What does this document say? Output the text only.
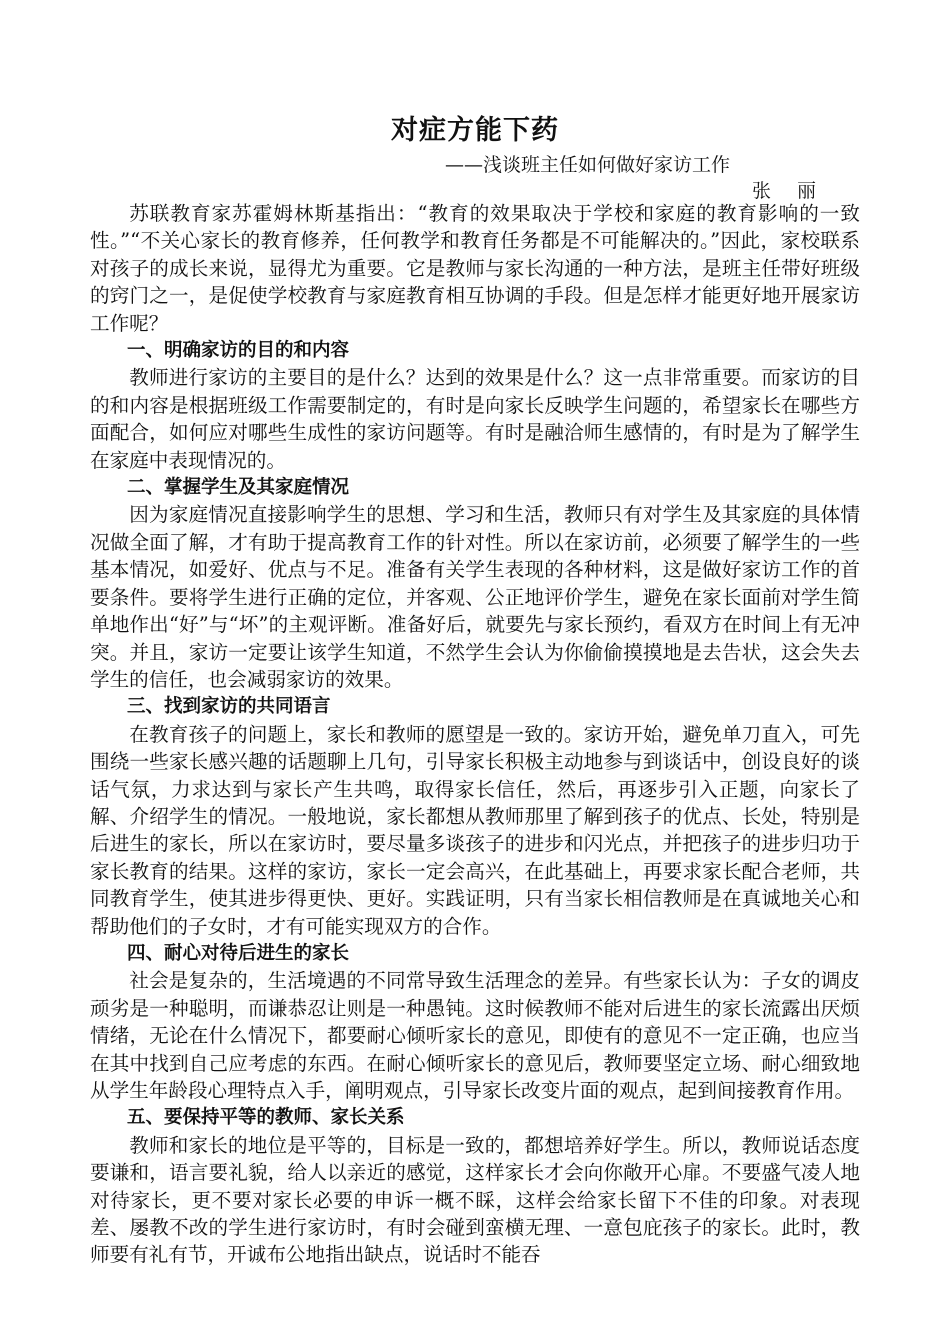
对症方能下药
——浅谈班主任如何做好家访工作
张 丽

苏联教育家苏霍姆林斯基指出：“教育的效果取决于学校和家庭的教育影响的一致性。”“不关心家长的教育修养，任何教学和教育任务都是不可能解决的。”因此，家校联系对孩子的成长来说，显得尤为重要。它是教师与家长沟通的一种方法，是班主任带好班级的窍门之一，是促使学校教育与家庭教育相互协调的手段。但是怎样才能更好地开展家访工作呢？

一、明确家访的目的和内容

教师进行家访的主要目的是什么？达到的效果是什么？这一点非常重要。而家访的目的和内容是根据班级工作需要制定的，有时是向家长反映学生问题的，希望家长在哪些方面配合，如何应对哪些生成性的家访问题等。有时是融洽师生感情的，有时是为了解学生在家庭中表现情况的。

二、掌握学生及其家庭情况

因为家庭情况直接影响学生的思想、学习和生活，教师只有对学生及其家庭的具体情况做全面了解，才有助于提高教育工作的针对性。所以在家访前，必须要了解学生的一些基本情况，如爱好、优点与不足。准备有关学生表现的各种材料，这是做好家访工作的首要条件。要将学生进行正确的定位，并客观、公正地评价学生，避免在家长面前对学生简单地作出“好”与“坏”的主观评断。准备好后，就要先与家长预约，看双方在时间上有无冲突。并且，家访一定要让该学生知道，不然学生会认为你偷偷摸摸地是去告状，这会失去学生的信任，也会减弱家访的效果。

三、找到家访的共同语言

在教育孩子的问题上，家长和教师的愿望是一致的。家访开始，避免单刀直入，可先围绕一些家长感兴趣的话题聊上几句，引导家长积极主动地参与到谈话中，创设良好的谈话气氛，力求达到与家长产生共鸣，取得家长信任，然后，再逐步引入正题，向家长了解、介绍学生的情况。一般地说，家长都想从教师那里了解到孩子的优点、长处，特别是后进生的家长，所以在家访时，要尽量多谈孩子的进步和闪光点，并把孩子的进步归功于家长教育的结果。这样的家访，家长一定会高兴，在此基础上，再要求家长配合老师，共同教育学生，使其进步得更快、更好。实践证明，只有当家长相信教师是在真诚地关心和帮助他们的子女时，才有可能实现双方的合作。

四、耐心对待后进生的家长

社会是复杂的，生活境遇的不同常导致生活理念的差异。有些家长认为：子女的调皮顽劣是一种聪明，而谦恭忍让则是一种愚钝。这时候教师不能对后进生的家长流露出厌烦情绪，无论在什么情况下，都要耐心倾听家长的意见，即使有的意见不一定正确，也应当在其中找到自己应考虑的东西。在耐心倾听家长的意见后，教师要坚定立场、耐心细致地从学生年龄段心理特点入手，阐明观点，引导家长改变片面的观点，起到间接教育作用。

五、要保持平等的教师、家长关系

教师和家长的地位是平等的，目标是一致的，都想培养好学生。所以，教师说话态度要谦和，语言要礼貌，给人以亲近的感觉，这样家长才会向你敞开心扉。不要盛气凌人地对待家长，更不要对家长必要的申诉一概不睬，这样会给家长留下不佳的印象。对表现差、屡教不改的学生进行家访时，有时会碰到蛮横无理、一意包庇孩子的家长。此时，教师要有礼有节，开诚布公地指出缺点，说话时不能吞
